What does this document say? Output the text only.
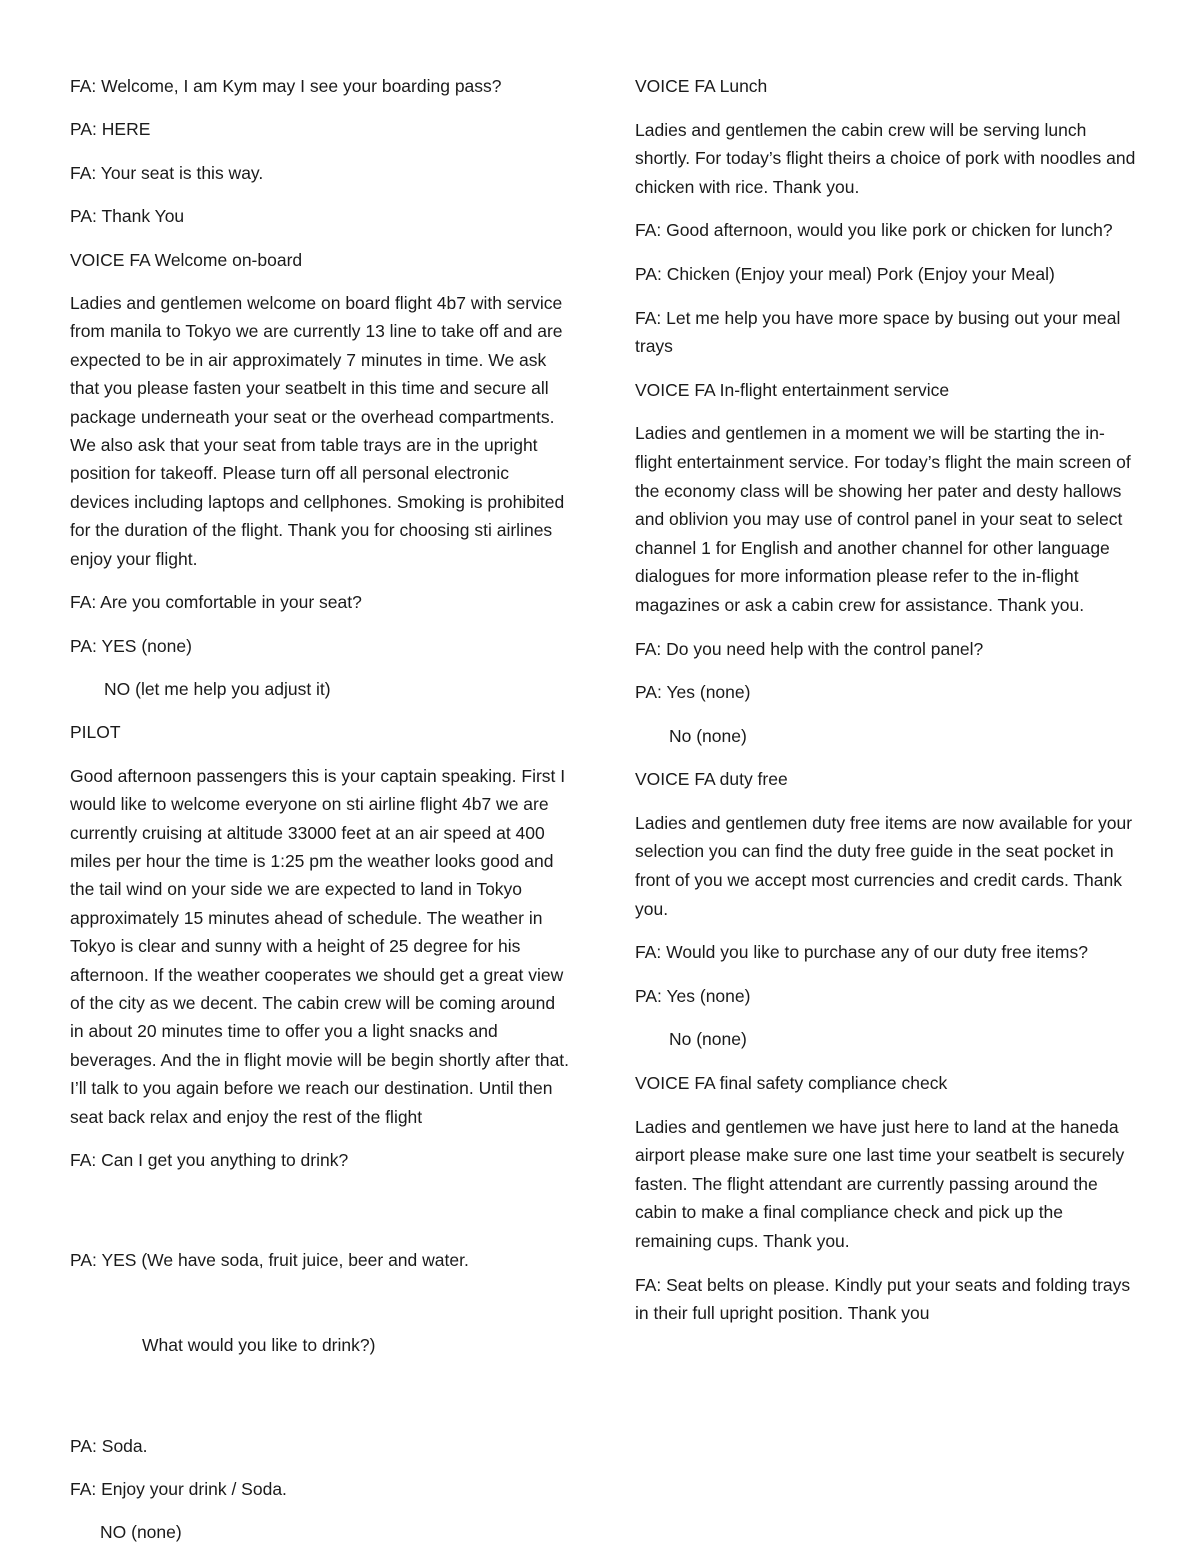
FA: Welcome, I am Kym may I see your boarding pass?

PA: HERE

FA: Your seat is this way.

PA: Thank You

VOICE FA Welcome on-board

Ladies and gentlemen welcome on board flight 4b7 with service from manila to Tokyo we are currently 13 line to take off and are expected to be in air approximately 7 minutes in time. We ask that you please fasten your seatbelt in this time and secure all package underneath your seat or the overhead compartments. We also ask that your seat from table trays are in the upright position for takeoff. Please turn off all personal electronic devices including laptops and cellphones. Smoking is prohibited for the duration of the flight. Thank you for choosing sti airlines enjoy your flight.

FA: Are you comfortable in your seat?

PA: YES (none)

NO (let me help you adjust it)

PILOT

Good afternoon passengers this is your captain speaking. First I would like to welcome everyone on sti airline flight 4b7 we are currently cruising at altitude 33000 feet at an air speed at 400 miles per hour the time is 1:25 pm the weather looks good and the tail wind on your side we are expected to land in Tokyo approximately 15 minutes ahead of schedule. The weather in Tokyo is clear and sunny with a height of 25 degree for his afternoon. If the weather cooperates we should get a great view of the city as we decent. The cabin crew will be coming around in about 20 minutes time to offer you a light snacks and beverages. And the in flight movie will be begin shortly after that. I’ll talk to you again before we reach our destination. Until then seat back relax and enjoy the rest of the flight

FA: Can I get you anything to drink?

PA: YES (We have soda, fruit juice, beer and water.

What would you like to drink?)

PA: Soda.

FA: Enjoy your drink / Soda.

NO (none)

VOICE FA Lunch

Ladies and gentlemen the cabin crew will be serving lunch shortly. For today’s flight theirs a choice of pork with noodles and chicken with rice. Thank you.

FA: Good afternoon, would you like pork or chicken for lunch?

PA: Chicken (Enjoy your meal) Pork (Enjoy your Meal)

FA: Let me help you have more space by busing out your meal trays

VOICE FA In-flight entertainment service

Ladies and gentlemen in a moment we will be starting the in-flight entertainment service. For today’s flight the main screen of the economy class will be showing her pater and desty hallows and oblivion you may use of control panel in your seat to select channel 1 for English and another channel for other language dialogues for more information please refer to the in-flight magazines or ask a cabin crew for assistance. Thank you.

FA: Do you need help with the control panel?

PA: Yes (none)

No (none)

VOICE FA duty free

Ladies and gentlemen duty free items are now available for your selection you can find the duty free guide in the seat pocket in front of you we accept most currencies and credit cards. Thank you.

FA: Would you like to purchase any of our duty free items?

PA: Yes (none)

No (none)

VOICE FA final safety compliance check

Ladies and gentlemen we have just here to land at the haneda airport please make sure one last time your seatbelt is securely fasten. The flight attendant are currently passing around the cabin to make a final compliance check and pick up the remaining cups. Thank you.

FA: Seat belts on please. Kindly put your seats and folding trays in their full upright position. Thank you
